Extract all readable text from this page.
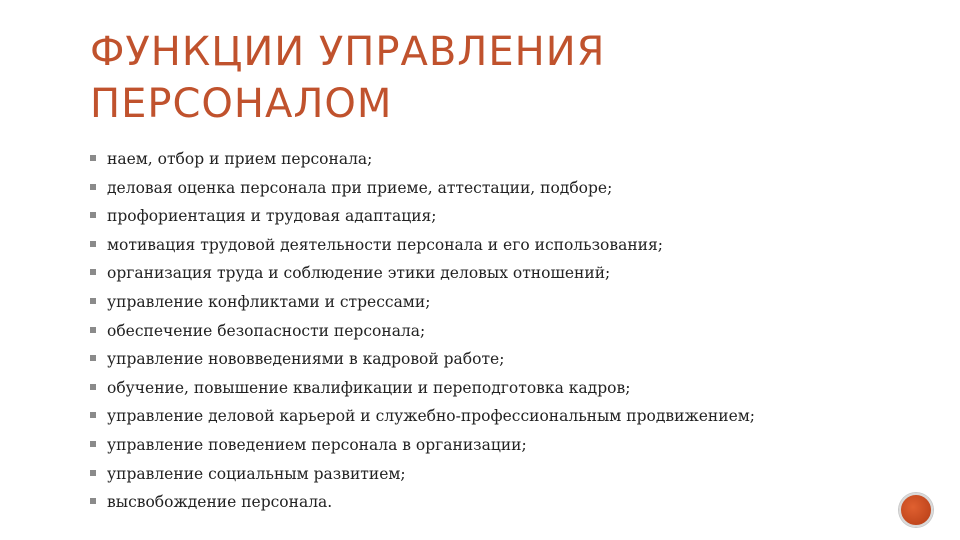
ФУНКЦИИ УПРАВЛЕНИЯ
ПЕРСОНАЛОМ
наем, отбор и прием персонала;
деловая оценка персонала при приеме, аттестации, подборе;
профориентация и трудовая адаптация;
мотивация трудовой деятельности персонала и его использования;
организация труда и соблюдение этики деловых отношений;
управление конфликтами и стрессами;
обеспечение безопасности персонала;
управление нововведениями в кадровой работе;
обучение, повышение квалификации и переподготовка кадров;
управление деловой карьерой и служебно-профессиональным продвижением;
управление поведением персонала в организации;
управление социальным развитием;
высвобождение персонала.
